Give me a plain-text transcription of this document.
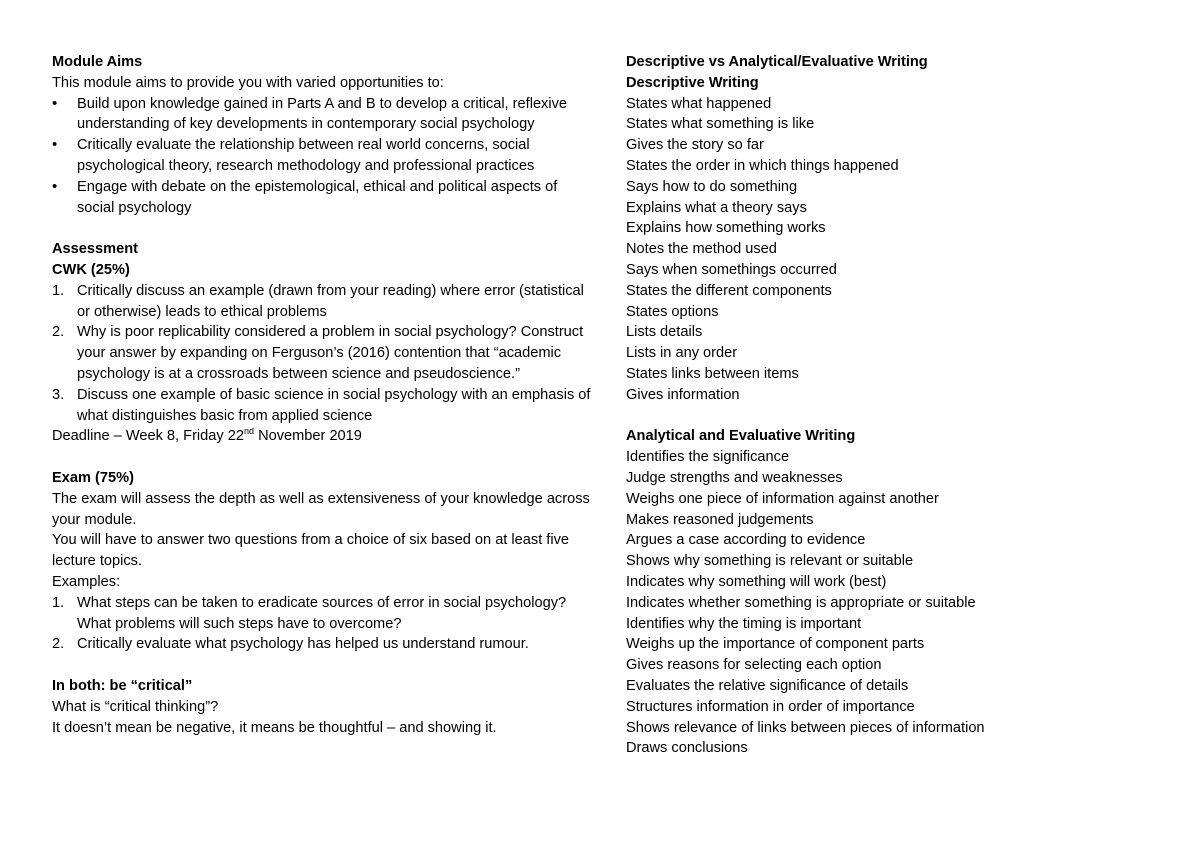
Module Aims

This module aims to provide you with varied opportunities to:

• Build upon knowledge gained in Parts A and B to develop a critical, reflexive understanding of key developments in contemporary social psychology
• Critically evaluate the relationship between real world concerns, social psychological theory, research methodology and professional practices
• Engage with debate on the epistemological, ethical and political aspects of social psychology

Assessment

CWK (25%)

1. Critically discuss an example (drawn from your reading) where error (statistical or otherwise) leads to ethical problems
2. Why is poor replicability considered a problem in social psychology? Construct your answer by expanding on Ferguson’s (2016) contention that “academic psychology is at a crossroads between science and pseudoscience.”
3. Discuss one example of basic science in social psychology with an emphasis of what distinguishes basic from applied science

Deadline – Week 8, Friday 22nd November 2019

Exam (75%)

The exam will assess the depth as well as extensiveness of your knowledge across your module.

You will have to answer two questions from a choice of six based on at least five lecture topics.

Examples:

1. What steps can be taken to eradicate sources of error in social psychology? What problems will such steps have to overcome?
2. Critically evaluate what psychology has helped us understand rumour.

In both: be “critical”

What is “critical thinking”?

It doesn’t mean be negative, it means be thoughtful – and showing it.

Descriptive vs Analytical/Evaluative Writing

Descriptive Writing

States what happened

States what something is like

Gives the story so far

States the order in which things happened

Says how to do something

Explains what a theory says

Explains how something works

Notes the method used

Says when somethings occurred

States the different components

States options

Lists details

Lists in any order

States links between items

Gives information

Analytical and Evaluative Writing

Identifies the significance

Judge strengths and weaknesses

Weighs one piece of information against another

Makes reasoned judgements

Argues a case according to evidence

Shows why something is relevant or suitable

Indicates why something will work (best)

Indicates whether something is appropriate or suitable

Identifies why the timing is important

Weighs up the importance of component parts

Gives reasons for selecting each option

Evaluates the relative significance of details

Structures information in order of importance

Shows relevance of links between pieces of information

Draws conclusions
